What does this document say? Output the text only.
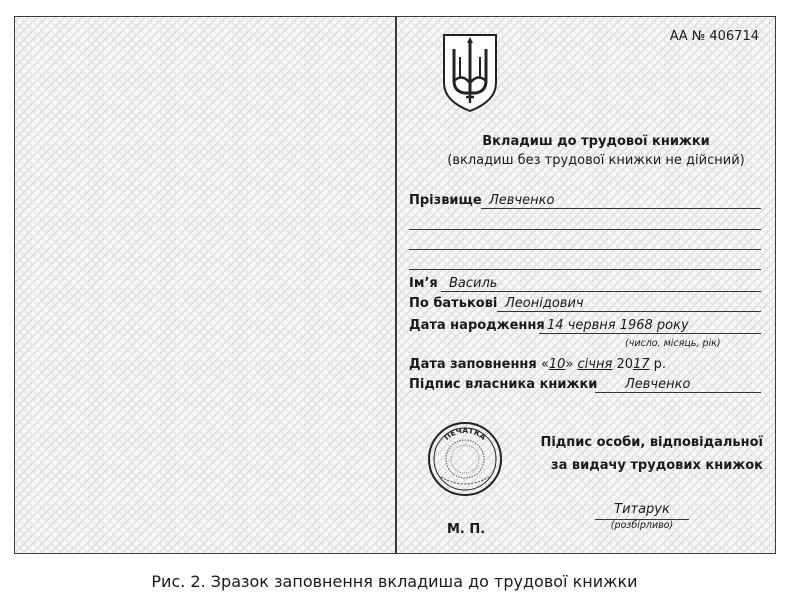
АА № 406714
Вкладиш до трудової книжки
(вкладиш без трудової книжки не дійсний)
Прізвище Левченко
Ім’я Василь
По батькові Леонідович
Дата народження 14 червня 1968 року
(число, місяць, рік)
Дата заповнення «10» січня 2017 р.
Підпис власника книжки	Левченко
ПЕЧАТКА	Підпис особи, відповідальної
за видачу трудових книжок
Титарук
(розбірливо)
М. П.
Рис. 2. Зразок заповнення вкладиша до трудової книжки
